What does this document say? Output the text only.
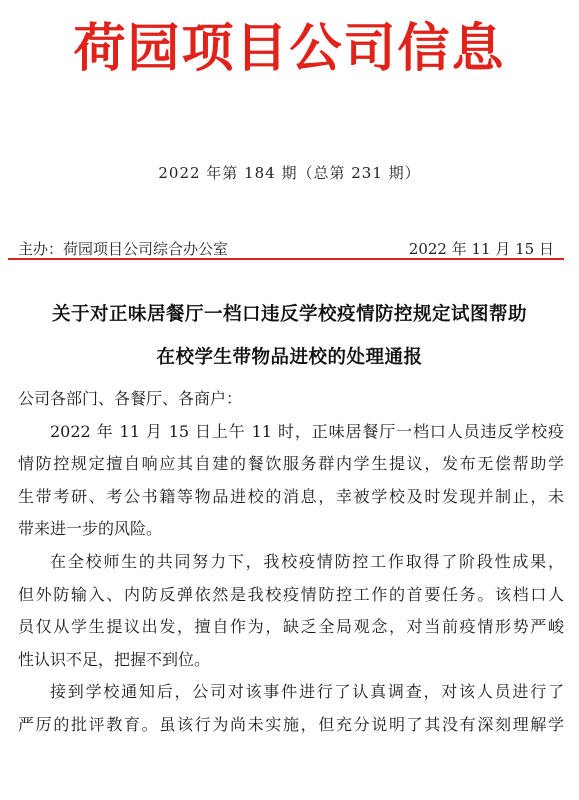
荷园项目公司信息
2022 年第 184 期（总第 231 期）
主办：荷园项目公司综合办公室	2022 年 11 月 15 日
关于对正味居餐厅一档口违反学校疫情防控规定试图帮助
在校学生带物品进校的处理通报
公司各部门、各餐厅、各商户：
2022 年 11 月 15 日上午 11 时，正味居餐厅一档口人员违反学校疫
情防控规定擅自响应其自建的餐饮服务群内学生提议，发布无偿帮助学
生带考研、考公书籍等物品进校的消息，幸被学校及时发现并制止，未
带来进一步的风险。
在全校师生的共同努力下，我校疫情防控工作取得了阶段性成果，
但外防输入、内防反弹依然是我校疫情防控工作的首要任务。该档口人
员仅从学生提议出发，擅自作为，缺乏全局观念，对当前疫情形势严峻
性认识不足，把握不到位。
接到学校通知后，公司对该事件进行了认真调查，对该人员进行了
严厉的批评教育。虽该行为尚未实施，但充分说明了其没有深刻理解学
